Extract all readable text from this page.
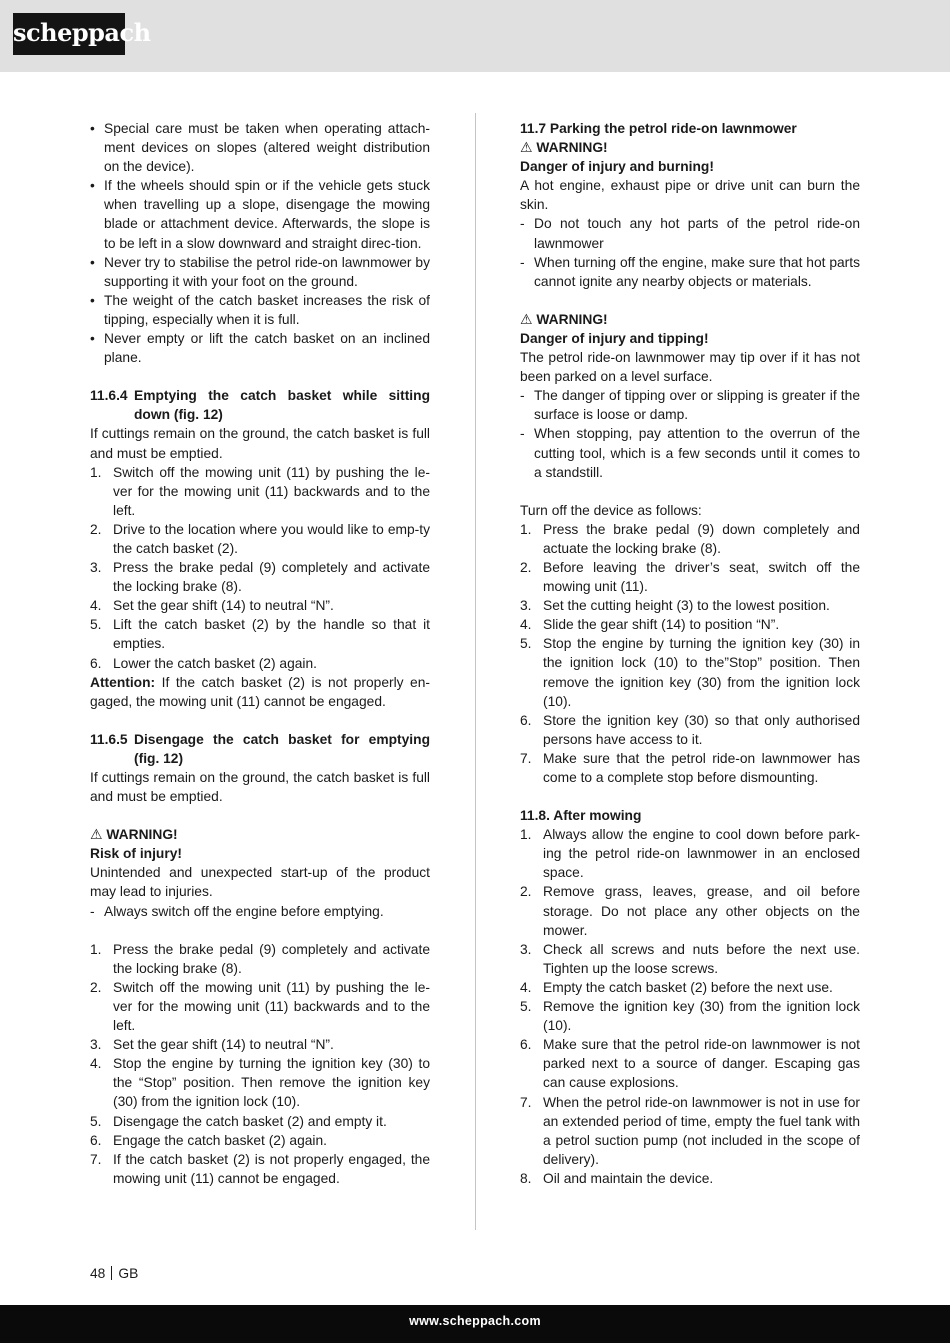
scheppach
• Special care must be taken when operating attach-ment devices on slopes (altered weight distribution on the device).
• If the wheels should spin or if the vehicle gets stuck when travelling up a slope, disengage the mowing blade or attachment device. Afterwards, the slope is to be left in a slow downward and straight direc-tion.
• Never try to stabilise the petrol ride-on lawnmower by supporting it with your foot on the ground.
• The weight of the catch basket increases the risk of tipping, especially when it is full.
• Never empty or lift the catch basket on an inclined plane.
11.6.4 Emptying the catch basket while sitting down (fig. 12)

If cuttings remain on the ground, the catch basket is full and must be emptied.

1. Switch off the mowing unit (11) by pushing the le-ver for the mowing unit (11) backwards and to the left.
2. Drive to the location where you would like to emp-ty the catch basket (2).
3. Press the brake pedal (9) completely and activate the locking brake (8).
4. Set the gear shift (14) to neutral “N”.
5. Lift the catch basket (2) by the handle so that it empties.
6. Lower the catch basket (2) again.

Attention: If the catch basket (2) is not properly en-gaged, the mowing unit (11) cannot be engaged.

11.6.5 Disengage the catch basket for emptying (fig. 12)

If cuttings remain on the ground, the catch basket is full and must be emptied.

⚠ WARNING!

Risk of injury!

Unintended and unexpected start-up of the product may lead to injuries.

- Always switch off the engine before emptying.
1. Press the brake pedal (9) completely and activate the locking brake (8).
2. Switch off the mowing unit (11) by pushing the le-ver for the mowing unit (11) backwards and to the left.
3. Set the gear shift (14) to neutral “N”.
4. Stop the engine by turning the ignition key (30) to the “Stop” position. Then remove the ignition key (30) from the ignition lock (10).
5. Disengage the catch basket (2) and empty it.
6. Engage the catch basket (2) again.
7. If the catch basket (2) is not properly engaged, the mowing unit (11) cannot be engaged.

11.7 Parking the petrol ride-on lawnmower

⚠ WARNING!

Danger of injury and burning!

A hot engine, exhaust pipe or drive unit can burn the skin.

- Do not touch any hot parts of the petrol ride-on lawnmower
- When turning off the engine, make sure that hot parts cannot ignite any nearby objects or materials.

⚠ WARNING!

Danger of injury and tipping!

The petrol ride-on lawnmower may tip over if it has not been parked on a level surface.

- The danger of tipping over or slipping is greater if the surface is loose or damp.
- When stopping, pay attention to the overrun of the cutting tool, which is a few seconds until it comes to a standstill.

Turn off the device as follows:

1. Press the brake pedal (9) down completely and actuate the locking brake (8).
2. Before leaving the driver’s seat, switch off the mowing unit (11).
3. Set the cutting height (3) to the lowest position.
4. Slide the gear shift (14) to position “N”.
5. Stop the engine by turning the ignition key (30) in the ignition lock (10) to the”Stop” position. Then remove the ignition key (30) from the ignition lock (10).
6. Store the ignition key (30) so that only authorised persons have access to it.
7. Make sure that the petrol ride-on lawnmower has come to a complete stop before dismounting.

11.8. After mowing

1. Always allow the engine to cool down before park-ing the petrol ride-on lawnmower in an enclosed space.
2. Remove grass, leaves, grease, and oil before storage. Do not place any other objects on the mower.
3. Check all screws and nuts before the next use. Tighten up the loose screws.
4. Empty the catch basket (2) before the next use.
5. Remove the ignition key (30) from the ignition lock (10).
6. Make sure that the petrol ride-on lawnmower is not parked next to a source of danger. Escaping gas can cause explosions.
7. When the petrol ride-on lawnmower is not in use for an extended period of time, empty the fuel tank with a petrol suction pump (not included in the scope of delivery).
8. Oil and maintain the device.
48 GB
www.scheppach.com
